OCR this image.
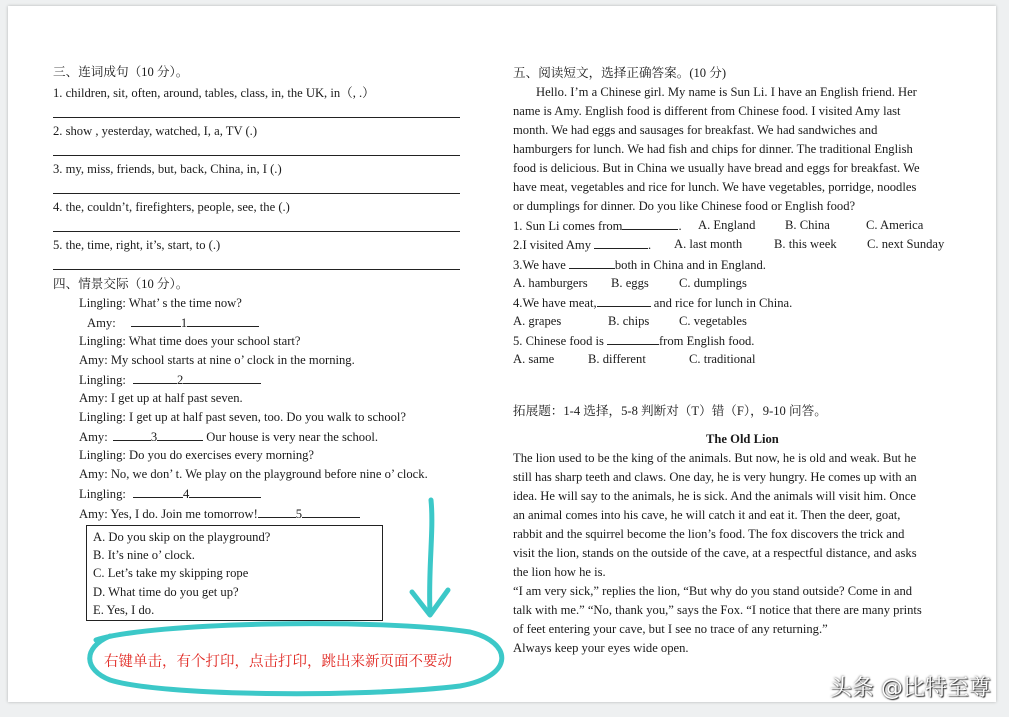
三、连词成句（10 分）。
1. children, sit, often, around, tables, class, in, the UK, in（, .）
2. show , yesterday, watched, I, a, TV (.)
3. my, miss, friends, but, back, China, in, I (.)
4. the, couldn’t, firefighters, people, see, the (.)
5. the, time, right, it’s, start, to (.)
四、情景交际（10 分）。
Lingling: What’ s the time now?
Amy:	1
Lingling: What time does your school start?
Amy: My school starts at nine o’ clock in the morning.
Lingling:	2
Amy: I get up at half past seven.
Lingling: I get up at half past seven, too. Do you walk to school?
Amy:	3	Our house is very near the school.
Lingling: Do you do exercises every morning?
Amy: No, we don’ t. We play on the playground before nine o’ clock.
Lingling:	4
Amy: Yes, I do. Join me tomorrow!	5
A. Do you skip on the playground?
B. It’s nine o’ clock.
C. Let’s take my skipping rope
D. What time do you get up?
E. Yes, I do.
五、阅读短文，选择正确答案。(10 分)
Hello. I’m a Chinese girl. My name is Sun Li. I have an English friend. Her
name is Amy. English food is different from Chinese food. I visited Amy last
month. We had eggs and sausages for breakfast. We had sandwiches and
hamburgers for lunch. We had fish and chips for dinner. The traditional English
food is delicious. But in China we usually have bread and eggs for breakfast. We
have meat, vegetables and rice for lunch. We have vegetables, porridge, noodles
or dumplings for dinner. Do you like Chinese food or English food?
1. Sun Li comes from	. A. England B. China	C. America
2.I visited Amy	. A. last month	B. this week C. next Sunday
3.We have	both in China and in England.
A. hamburgers B. eggs C. dumplings
4.We have meat,	and rice for lunch in China.
A. grapes	B. chips C. vegetables
5. Chinese food is	from English food.
A. same	B. different	C. traditional
拓展题：1-4 选择，5-8 判断对（T）错（F），9-10 问答。
The Old Lion
The lion used to be the king of the animals. But now, he is old and weak. But he
still has sharp teeth and claws. One day, he is very hungry. He comes up with an
idea. He will say to the animals, he is sick. And the animals will visit him. Once
an animal comes into his cave, he will catch it and eat it. Then the deer, goat,
rabbit and the squirrel become the lion’s food. The fox discovers the trick and
visit the lion, stands on the outside of the cave, at a respectful distance, and asks
the lion how he is.
“I am very sick,” replies the lion, “But why do you stand outside? Come in and
talk with me.” “No, thank you,” says the Fox. “I notice that there are many prints
of feet entering your cave, but I see no trace of any returning.”
Always keep your eyes wide open.
右键单击，有个打印，点击打印，跳出来新页面不要动
头条 @比特至尊
